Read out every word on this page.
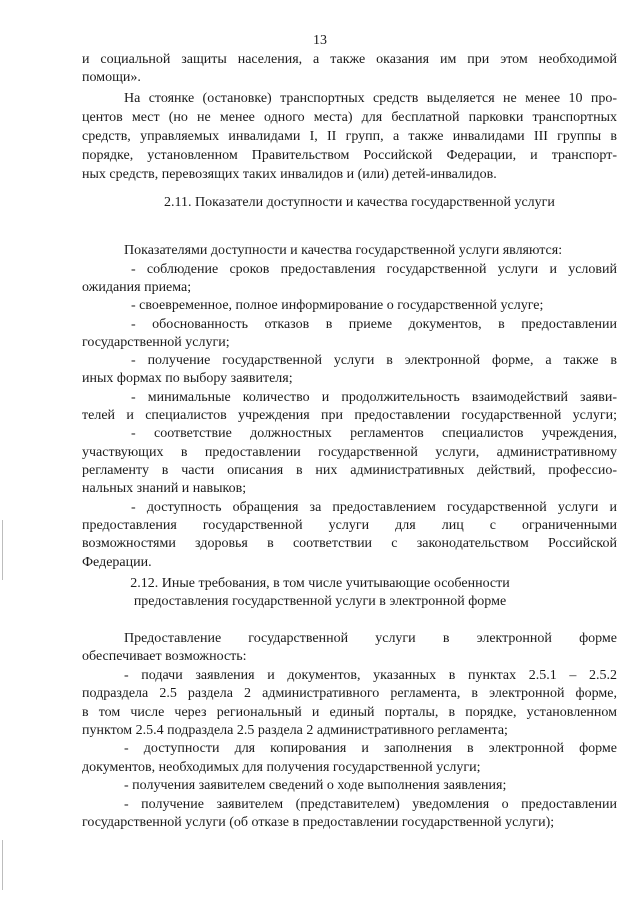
13
и социальной защиты населения, а также оказания им при этом необходимой
помощи».
На стоянке (остановке) транспортных средств выделяется не менее 10 про-
центов мест (но не менее одного места) для бесплатной парковки транспортных
средств, управляемых инвалидами I, II групп, а также инвалидами III группы в
порядке, установленном Правительством Российской Федерации, и транспорт-
ных средств, перевозящих таких инвалидов и (или) детей-инвалидов.
2.11. Показатели доступности и качества государственной услуги
Показателями доступности и качества государственной услуги являются:
- соблюдение сроков предоставления государственной услуги и условий
ожидания приема;
- своевременное, полное информирование о государственной услуге;
- обоснованность отказов в приеме документов, в предоставлении
государственной услуги;
- получение государственной услуги в электронной форме, а также в
иных формах по выбору заявителя;
- минимальные количество и продолжительность взаимодействий заяви-
телей и специалистов учреждения при предоставлении государственной услуги;
- соответствие должностных регламентов специалистов учреждения,
участвующих в предоставлении государственной услуги, административному
регламенту в части описания в них административных действий, профессио-
нальных знаний и навыков;
- доступность обращения за предоставлением государственной услуги и
предоставления государственной услуги для лиц с ограниченными
возможностями здоровья в соответствии с законодательством Российской
Федерации.
2.12. Иные требования, в том числе учитывающие особенности
предоставления государственной услуги в электронной форме
Предоставление государственной услуги в электронной форме
обеспечивает возможность:
- подачи заявления и документов, указанных в пунктах 2.5.1 – 2.5.2
подраздела 2.5 раздела 2 административного регламента, в электронной форме,
в том числе через региональный и единый порталы, в порядке, установленном
пунктом 2.5.4 подраздела 2.5 раздела 2 административного регламента;
- доступности для копирования и заполнения в электронной форме
документов, необходимых для получения государственной услуги;
- получения заявителем сведений о ходе выполнения заявления;
- получение заявителем (представителем) уведомления о предоставлении
государственной услуги (об отказе в предоставлении государственной услуги);
